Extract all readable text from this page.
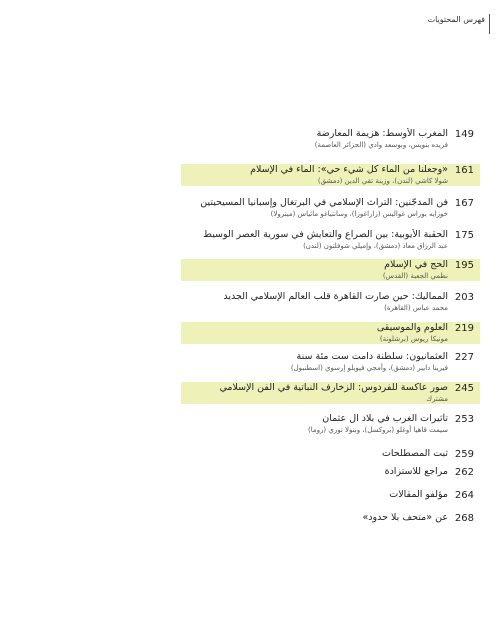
فهرس المحتويات
149
المغرب الأوسط: هزيمة المعارضة
فريده بنويس، وبوسعد وادي (الجزائر العاصمة)
161
«وجعلنا من الماء كل شيء حي»: الماء في الإسلام
شولا كاشي (لندن)، وزينة تقي الدين (دمشق)
167
فن المدجّنين: التراث الإسلامي في البرتغال وإسبانيا المسيحيتين
خوزايه بوراس غواليس (زاراغوزا)، وسانتياغو ماثياس (ميترولا)
175
الحقبة الأيوبية: بين الصراع والتعايش في سورية العصر الوسيط
عبد الرزاق معاذ (دمشق)، وإميلي شوفلتون (لندن)
195
الحج في الإسلام
نظمي الجعبة (القدس)
203
المماليك: حين صارت القاهرة قلب العالم الإسلامي الجديد
محمد عباس (القاهرة)
219
العلوم والموسيقى
مونيكا ريوس (برشلونة)
227
العثمانيون: سلطنة دامت ست مئة سنة
فيرينا دايبر (دمشق)، وأمجي فيوبلو إرسوي (اسطنبول)
245
صور عاكسة للفردوس: الزخارف النباتية في الفن الإسلامي
مشترك
253
تأثيرات الغرب في بلاد آل عثمان
سيمت قاهيا أوغلو (بروكسل)، وبنولا توري (روما)
259
ثبت المصطلحات
262
مراجع للاستزادة
264
مؤلفو المقالات
268
عن «متحف بلا حدود»
